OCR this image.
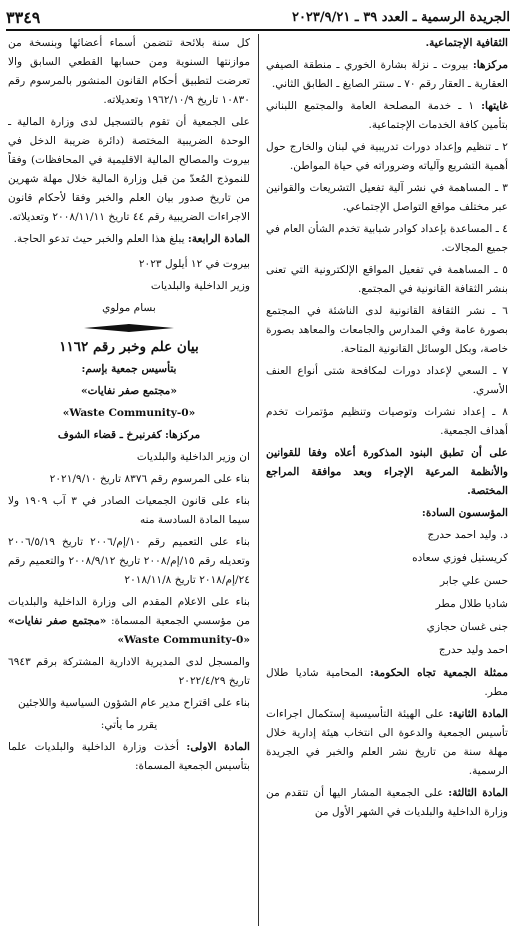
الجريدة الرسمية ـ العدد ٣٩ ـ ٢٠٢٣/٩/٢١
٣٣٤٩

الثقافية الإجتماعية.

مركزها: بيروت ـ نزلة بشارة الخوري ـ منطقة الصيفي العقارية ـ العقار رقم ٧٠ ـ سنتر الصايغ ـ الطابق الثاني.

غايتها: ١ ـ خدمة المصلحة العامة والمجتمع اللبناني بتأمين كافة الخدمات الإجتماعية.

٢ ـ تنظيم وإعداد دورات تدريبية في لبنان والخارج حول أهمية التشريع وآلياته وضروراته في حياة المواطن.

٣ ـ المساهمة في نشر آلية تفعيل التشريعات والقوانين عبر مختلف مواقع التواصل الإجتماعي.

٤ ـ المساعدة بإعداد كوادر شبابية تخدم الشأن العام في جميع المجالات.

٥ ـ المساهمة في تفعيل المواقع الإلكترونية التي تعنى بنشر الثقافة القانونية في المجتمع.

٦ ـ نشر الثقافة القانونية لدى الناشئة في المجتمع بصورة عامة وفي المدارس والجامعات والمعاهد بصورة خاصة، وبكل الوسائل القانونية المتاحة.

٧ ـ السعي لإعداد دورات لمكافحة شتى أنواع العنف الأسري.

٨ ـ إعداد نشرات وتوصيات وتنظيم مؤتمرات تخدم أهداف الجمعية.

على أن تطبق البنود المذكورة أعلاه وفقا للقوانين والأنظمة المرعية الإجراء وبعد موافقة المراجع المختصة.

المؤسسون السادة:

د. وليد احمد حدرج

كريستيل فوزي سعاده

حسن علي جابر

شاديا طلال مطر

جنى غسان حجازي

احمد وليد حدرج

ممثلة الجمعية تجاه الحكومة: المحامية شاديا طلال مطر.

المادة الثانية: على الهيئة التأسيسية إستكمال اجراءات تأسيس الجمعية والدعوة الى انتخاب هيئة إدارية خلال مهلة سنة من تاريخ نشر العلم والخبر في الجريدة الرسمية.

المادة الثالثة: على الجمعية المشار اليها أن تتقدم من وزارة الداخلية والبلديات في الشهر الأول من

كل سنة بلائحة تتضمن أسماء أعضائها وبنسخة من موازنتها السنوية ومن حسابها القطعي السابق والا تعرضت لتطبيق أحكام القانون المنشور بالمرسوم رقم ١٠٨٣٠ تاريخ ١٩٦٢/١٠/٩ وتعديلاته.

على الجمعية أن تقوم بالتسجيل لدى وزارة المالية ـ الوحدة الضريبية المختصة (دائرة ضريبة الدخل في بيروت والمصالح المالية الاقليمية في المحافظات) وفقاً للنموذج المُعدّ من قبل وزارة المالية خلال مهلة شهرين من تاريخ صدور بيان العلم والخبر وفقا لأحكام قانون الاجراءات الضريبية رقم ٤٤ تاريخ ٢٠٠٨/١١/١١ وتعديلاته.

المادة الرابعة: يبلغ هذا العلم والخبر حيث تدعو الحاجة.

بيروت في ١٢ أيلول ٢٠٢٣

وزير الداخلية والبلديات

بسام مولوي

بيان علم وخبر رقم ١١٦٢

بتأسيس جمعية بإسم:

«مجتمع صفر نفايات»

«0-Waste Community»

مركزها: كفرنبرخ ـ قضاء الشوف

ان وزير الداخلية والبلديات

بناء على المرسوم رقم ٨٣٧٦ تاريخ ٢٠٢١/٩/١٠

بناء على قانون الجمعيات الصادر في ٣ آب ١٩٠٩ ولا سيما المادة السادسة منه

بناء على التعميم رقم ١٠/إم/٢٠٠٦ تاريخ ٢٠٠٦/٥/١٩ وتعديله رقم ١٥/إم/٢٠٠٨ تاريخ ٢٠٠٨/٩/١٢ والتعميم رقم ٢٤/إم/٢٠١٨ تاريخ ٢٠١٨/١١/٨

بناء على الاعلام المقدم الى وزارة الداخلية والبلديات من مؤسسي الجمعية المسماة: «مجتمع صفر نفايات» «0-Waste Community»

والمسجل لدى المديرية الادارية المشتركة برقم ٦٩٤٣ تاريخ ٢٠٢٢/٤/٢٩

بناء على اقتراح مدير عام الشؤون السياسية واللاجئين

يقرر ما يأتي:

المادة الاولى: أخذت وزارة الداخلية والبلديات علما بتأسيس الجمعية المسماة:
